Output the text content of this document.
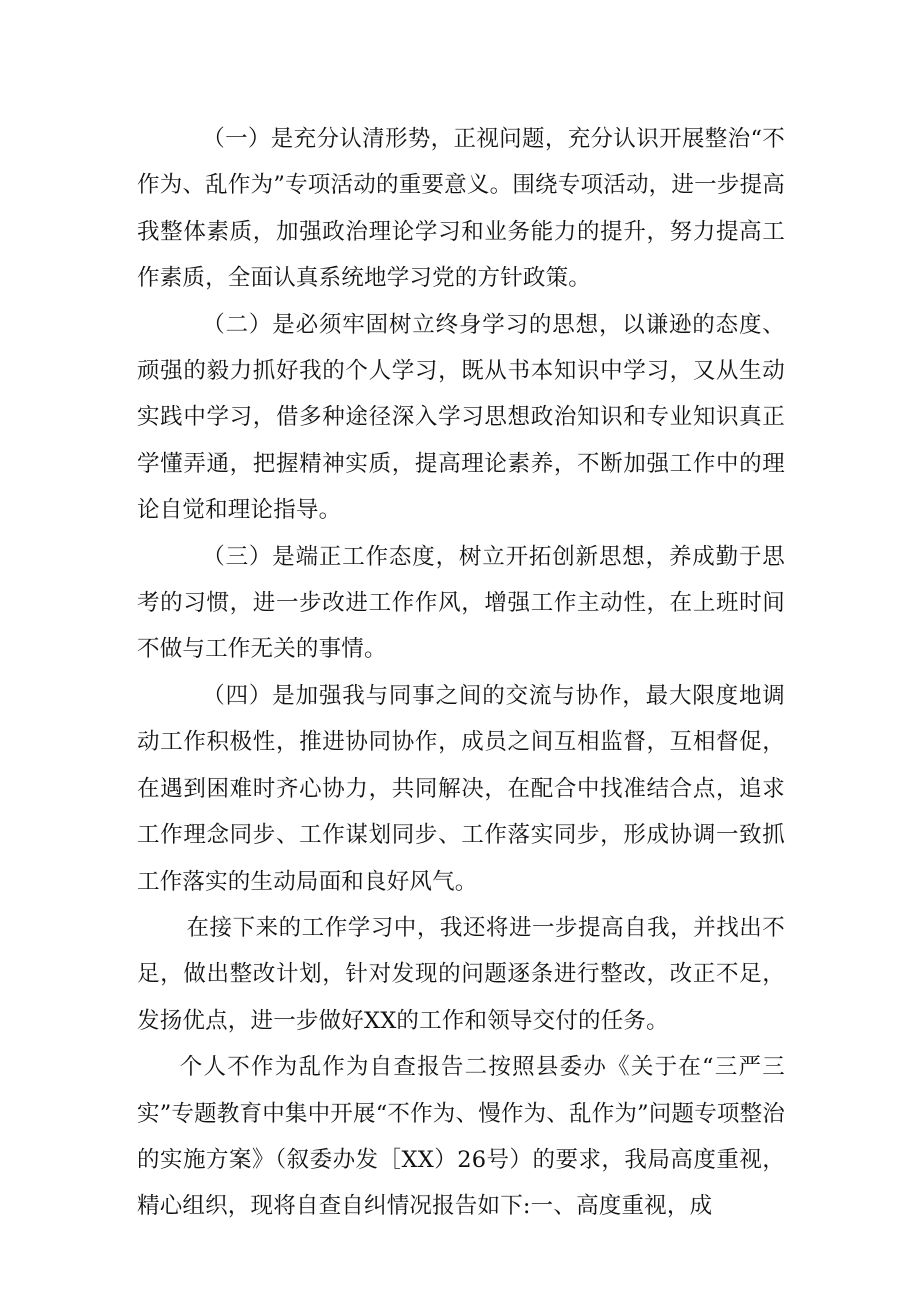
（一）是充分认清形势，正视问题，充分认识开展整治“不作为、乱作为”专项活动的重要意义。围绕专项活动，进一步提高我整体素质，加强政治理论学习和业务能力的提升，努力提高工作素质，全面认真系统地学习党的方针政策。

（二）是必须牢固树立终身学习的思想，以谦逊的态度、顽强的毅力抓好我的个人学习，既从书本知识中学习，又从生动实践中学习，借多种途径深入学习思想政治知识和专业知识真正学懂弄通，把握精神实质，提高理论素养，不断加强工作中的理论自觉和理论指导。

（三）是端正工作态度，树立开拓创新思想，养成勤于思考的习惯，进一步改进工作作风，增强工作主动性，在上班时间不做与工作无关的事情。

（四）是加强我与同事之间的交流与协作，最大限度地调动工作积极性，推进协同协作，成员之间互相监督，互相督促，在遇到困难时齐心协力，共同解决，在配合中找准结合点，追求工作理念同步、工作谋划同步、工作落实同步，形成协调一致抓工作落实的生动局面和良好风气。

在接下来的工作学习中，我还将进一步提高自我，并找出不足，做出整改计划，针对发现的问题逐条进行整改，改正不足，发扬优点，进一步做好XX的工作和领导交付的任务。

个人不作为乱作为自查报告二按照县委办《关于在“三严三实”专题教育中集中开展“不作为、慢作为、乱作为”问题专项整治的实施方案》（叙委办发［XX）26号）的要求，我局高度重视，精心组织，现将自查自纠情况报告如下:一、高度重视，成
